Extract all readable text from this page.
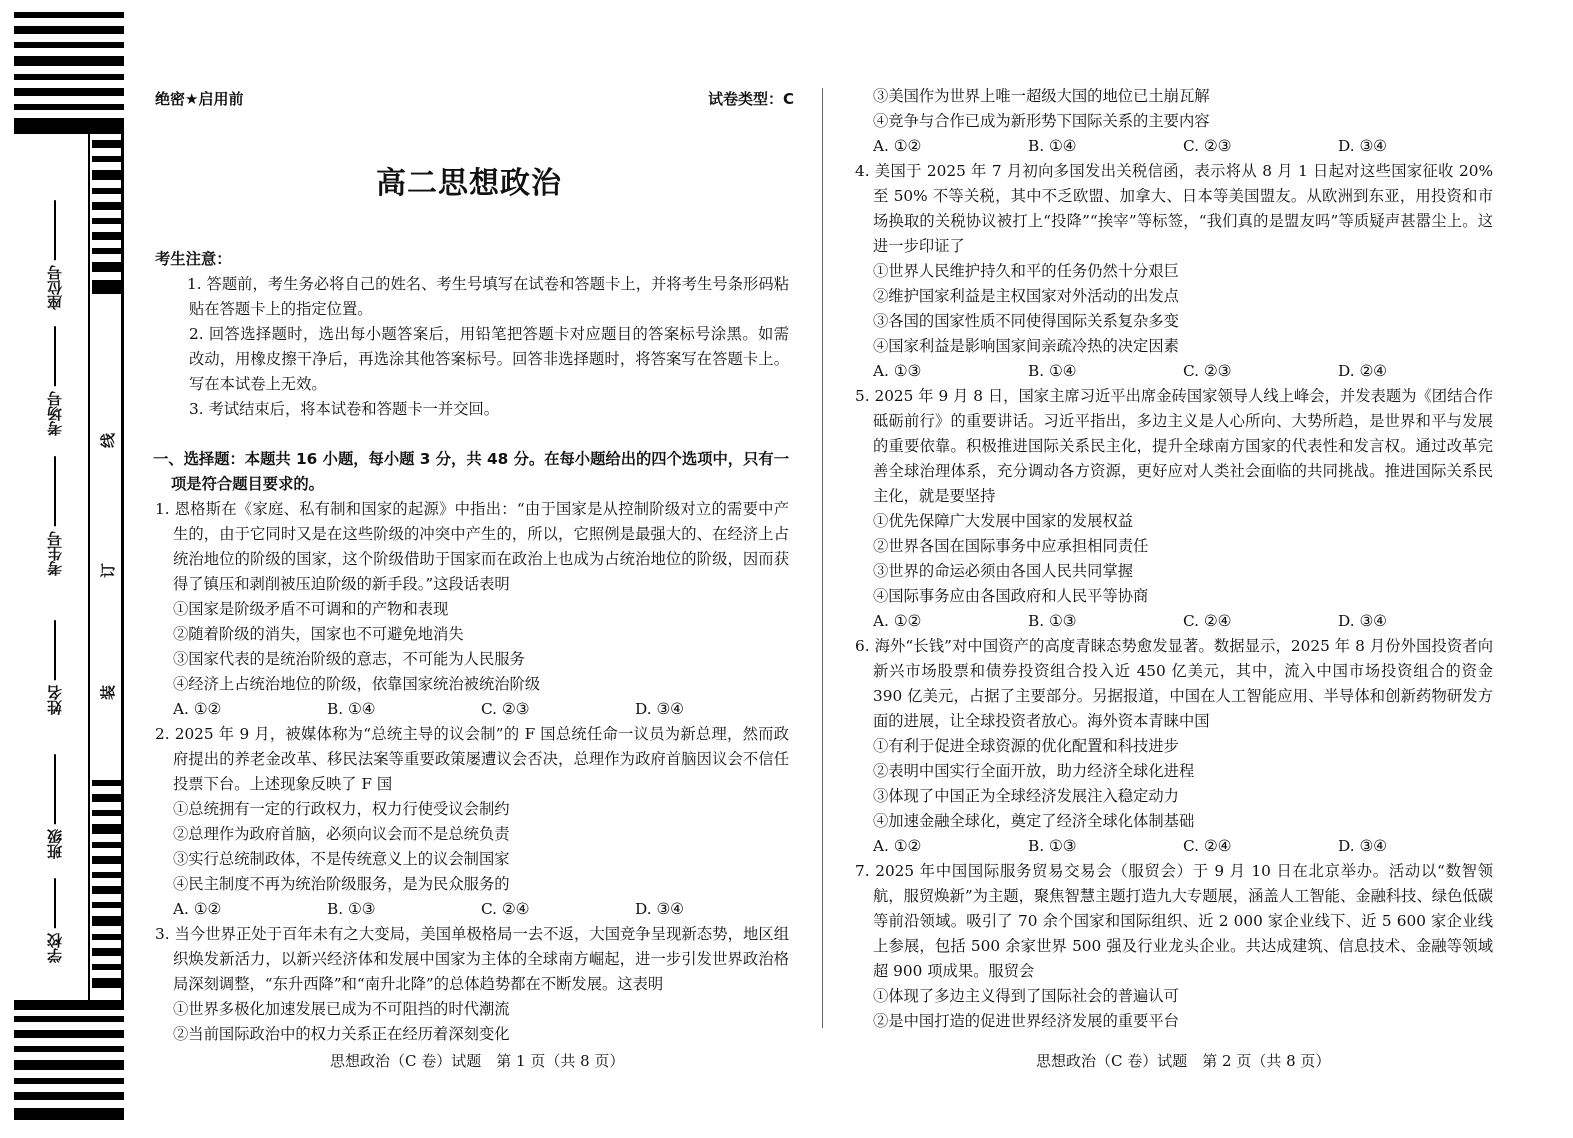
座位号
考场号
考生号
姓名
班级
学校
线
订
装
绝密★启用前	试卷类型：C
高二思想政治
考生注意：
1. 答题前，考生务必将自己的姓名、考生号填写在试卷和答题卡上，并将考生号条形码粘贴在答题卡上的指定位置。
2. 回答选择题时，选出每小题答案后，用铅笔把答题卡对应题目的答案标号涂黑。如需改动，用橡皮擦干净后，再选涂其他答案标号。回答非选择题时，将答案写在答题卡上。写在本试卷上无效。
3. 考试结束后，将本试卷和答题卡一并交回。
一、选择题：本题共 16 小题，每小题 3 分，共 48 分。在每小题给出的四个选项中，只有一项是符合题目要求的。
1. 恩格斯在《家庭、私有制和国家的起源》中指出：“由于国家是从控制阶级对立的需要中产生的，由于它同时又是在这些阶级的冲突中产生的，所以，它照例是最强大的、在经济上占统治地位的阶级的国家，这个阶级借助于国家而在政治上也成为占统治地位的阶级，因而获得了镇压和剥削被压迫阶级的新手段。”这段话表明
①国家是阶级矛盾不可调和的产物和表现
②随着阶级的消失，国家也不可避免地消失
③国家代表的是统治阶级的意志，不可能为人民服务
④经济上占统治地位的阶级，依靠国家统治被统治阶级
A. ①②	B. ①④	C. ②③	D. ③④
2. 2025 年 9 月，被媒体称为“总统主导的议会制”的 F 国总统任命一议员为新总理，然而政府提出的养老金改革、移民法案等重要政策屡遭议会否决，总理作为政府首脑因议会不信任投票下台。上述现象反映了 F 国
①总统拥有一定的行政权力，权力行使受议会制约
②总理作为政府首脑，必须向议会而不是总统负责
③实行总统制政体，不是传统意义上的议会制国家
④民主制度不再为统治阶级服务，是为民众服务的
A. ①②	B. ①③	C. ②④	D. ③④
3. 当今世界正处于百年未有之大变局，美国单极格局一去不返，大国竞争呈现新态势，地区组织焕发新活力，以新兴经济体和发展中国家为主体的全球南方崛起，进一步引发世界政治格局深刻调整，“东升西降”和“南升北降”的总体趋势都在不断发展。这表明
①世界多极化加速发展已成为不可阻挡的时代潮流
②当前国际政治中的权力关系正在经历着深刻变化
思想政治（C 卷）试题　第 1 页（共 8 页）
③美国作为世界上唯一超级大国的地位已土崩瓦解
④竞争与合作已成为新形势下国际关系的主要内容
A. ①②	B. ①④	C. ②③	D. ③④
4. 美国于 2025 年 7 月初向多国发出关税信函，表示将从 8 月 1 日起对这些国家征收 20% 至 50% 不等关税，其中不乏欧盟、加拿大、日本等美国盟友。从欧洲到东亚，用投资和市场换取的关税协议被打上“投降”“挨宰”等标签，“我们真的是盟友吗”等质疑声甚嚣尘上。这进一步印证了
①世界人民维护持久和平的任务仍然十分艰巨
②维护国家利益是主权国家对外活动的出发点
③各国的国家性质不同使得国际关系复杂多变
④国家利益是影响国家间亲疏冷热的决定因素
A. ①③	B. ①④	C. ②③	D. ②④
5. 2025 年 9 月 8 日，国家主席习近平出席金砖国家领导人线上峰会，并发表题为《团结合作砥砺前行》的重要讲话。习近平指出，多边主义是人心所向、大势所趋，是世界和平与发展的重要依靠。积极推进国际关系民主化，提升全球南方国家的代表性和发言权。通过改革完善全球治理体系，充分调动各方资源，更好应对人类社会面临的共同挑战。推进国际关系民主化，就是要坚持
①优先保障广大发展中国家的发展权益
②世界各国在国际事务中应承担相同责任
③世界的命运必须由各国人民共同掌握
④国际事务应由各国政府和人民平等协商
A. ①②	B. ①③	C. ②④	D. ③④
6. 海外“长钱”对中国资产的高度青睐态势愈发显著。数据显示，2025 年 8 月份外国投资者向新兴市场股票和债券投资组合投入近 450 亿美元，其中，流入中国市场投资组合的资金 390 亿美元，占据了主要部分。另据报道，中国在人工智能应用、半导体和创新药物研发方面的进展，让全球投资者放心。海外资本青睐中国
①有利于促进全球资源的优化配置和科技进步
②表明中国实行全面开放，助力经济全球化进程
③体现了中国正为全球经济发展注入稳定动力
④加速金融全球化，奠定了经济全球化体制基础
A. ①②	B. ①③	C. ②④	D. ③④
7. 2025 年中国国际服务贸易交易会（服贸会）于 9 月 10 日在北京举办。活动以“数智领航，服贸焕新”为主题，聚焦智慧主题打造九大专题展，涵盖人工智能、金融科技、绿色低碳等前沿领域。吸引了 70 余个国家和国际组织、近 2 000 家企业线下、近 5 600 家企业线上参展，包括 500 余家世界 500 强及行业龙头企业。共达成建筑、信息技术、金融等领域超 900 项成果。服贸会
①体现了多边主义得到了国际社会的普遍认可
②是中国打造的促进世界经济发展的重要平台
思想政治（C 卷）试题　第 2 页（共 8 页）
